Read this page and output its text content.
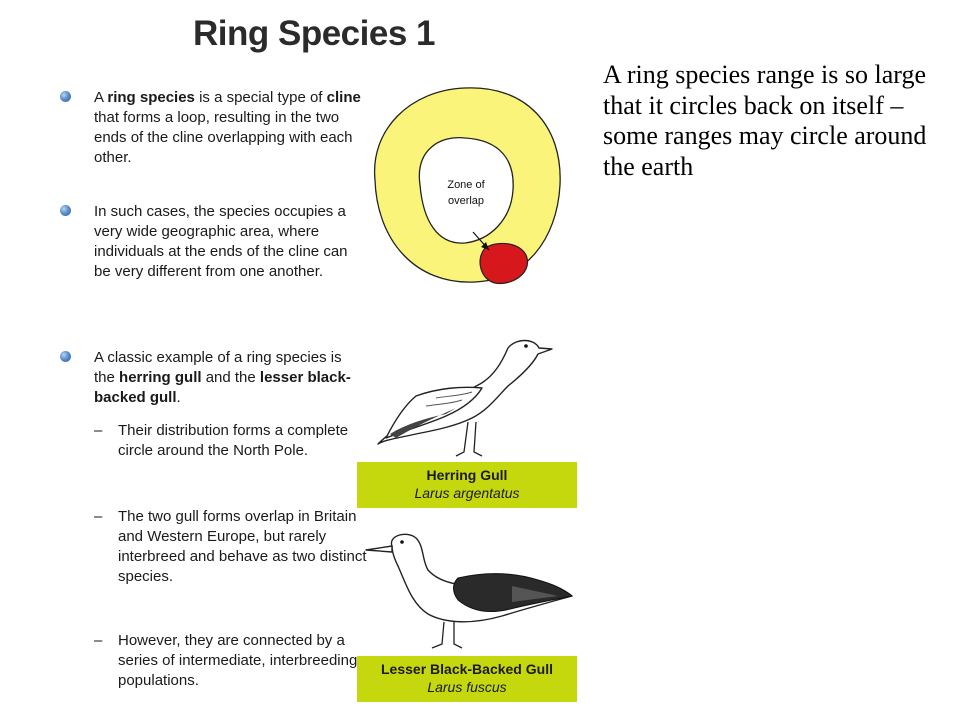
Ring Species 1
A ring species is a special type of cline that forms a loop, resulting in the two ends of the cline overlapping with each other.
In such cases, the species occupies a very wide geographic area, where individuals at the ends of the cline can be very different from one another.
A classic example of a ring species is the herring gull and the lesser black-backed gull.
– Their distribution forms a complete circle around the North Pole.
– The two gull forms overlap in Britain and Western Europe, but rarely interbreed and behave as two distinct species.
– However, they are connected by a series of intermediate, interbreeding populations.
Zone of
overlap
A ring species range is so large that it circles back on itself – some ranges may circle around the earth
Herring Gull
Larus argentatus
Lesser Black-Backed Gull
Larus fuscus
